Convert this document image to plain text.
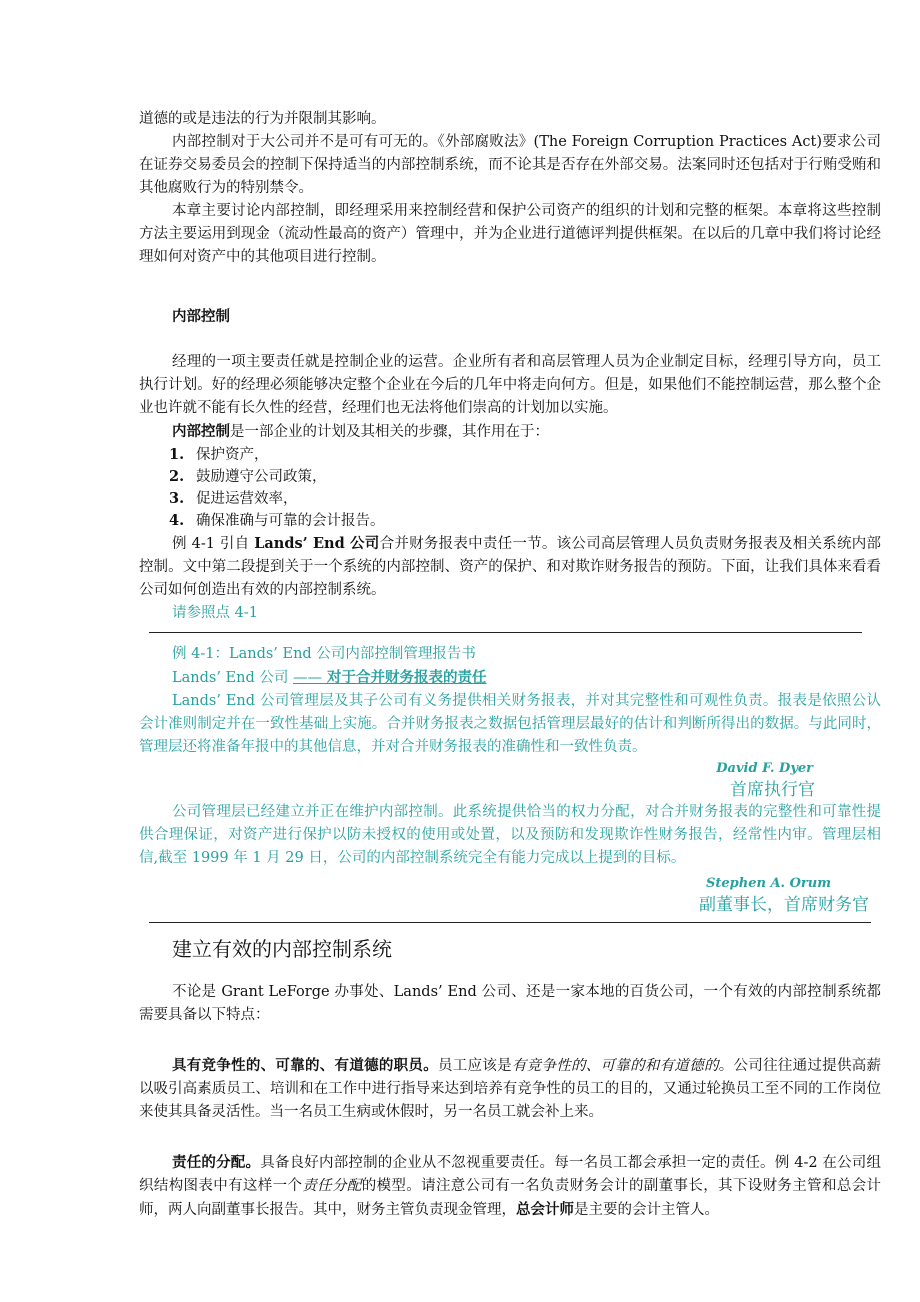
道德的或是违法的行为并限制其影响。

内部控制对于大公司并不是可有可无的。《外部腐败法》(The Foreign Corruption Practices Act)要求公司在证券交易委员会的控制下保持适当的内部控制系统，而不论其是否存在外部交易。法案同时还包括对于行贿受贿和其他腐败行为的特别禁令。

本章主要讨论内部控制，即经理采用来控制经营和保护公司资产的组织的计划和完整的框架。本章将这些控制方法主要运用到现金（流动性最高的资产）管理中，并为企业进行道德评判提供框架。在以后的几章中我们将讨论经理如何对资产中的其他项目进行控制。

内部控制

经理的一项主要责任就是控制企业的运营。企业所有者和高层管理人员为企业制定目标，经理引导方向，员工执行计划。好的经理必须能够决定整个企业在今后的几年中将走向何方。但是，如果他们不能控制运营，那么整个企业也许就不能有长久性的经营，经理们也无法将他们崇高的计划加以实施。

内部控制是一部企业的计划及其相关的步骤，其作用在于：

1. 保护资产，

2. 鼓励遵守公司政策，

3. 促进运营效率，

4. 确保准确与可靠的会计报告。

例 4-1 引自 Lands’ End 公司合并财务报表中责任一节。该公司高层管理人员负责财务报表及相关系统内部控制。文中第二段提到关于一个系统的内部控制、资产的保护、和对欺诈财务报告的预防。下面，让我们具体来看看公司如何创造出有效的内部控制系统。

请参照点 4-1

例 4-1：Lands’ End 公司内部控制管理报告书

Lands’ End 公司 —— 对于合并财务报表的责任

Lands’ End 公司管理层及其子公司有义务提供相关财务报表，并对其完整性和可观性负责。报表是依照公认会计准则制定并在一致性基础上实施。合并财务报表之数据包括管理层最好的估计和判断所得出的数据。与此同时，管理层还将准备年报中的其他信息，并对合并财务报表的准确性和一致性负责。

David F. Dyer

首席执行官

公司管理层已经建立并正在维护内部控制。此系统提供恰当的权力分配，对合并财务报表的完整性和可靠性提供合理保证，对资产进行保护以防未授权的使用或处置，以及预防和发现欺诈性财务报告，经常性内审。管理层相信,截至 1999 年 1 月 29 日，公司的内部控制系统完全有能力完成以上提到的目标。

Stephen A. Orum

副董事长，首席财务官

建立有效的内部控制系统

不论是 Grant LeForge 办事处、Lands’ End 公司、还是一家本地的百货公司，一个有效的内部控制系统都需要具备以下特点：

具有竞争性的、可靠的、有道德的职员。员工应该是有竞争性的、可靠的和有道德的。公司往往通过提供高薪以吸引高素质员工、培训和在工作中进行指导来达到培养有竞争性的员工的目的，又通过轮换员工至不同的工作岗位来使其具备灵活性。当一名员工生病或休假时，另一名员工就会补上来。

责任的分配。具备良好内部控制的企业从不忽视重要责任。每一名员工都会承担一定的责任。例 4-2 在公司组织结构图表中有这样一个责任分配的模型。请注意公司有一名负责财务会计的副董事长，其下设财务主管和总会计师，两人向副董事长报告。其中，财务主管负责现金管理，总会计师是主要的会计主管人。
